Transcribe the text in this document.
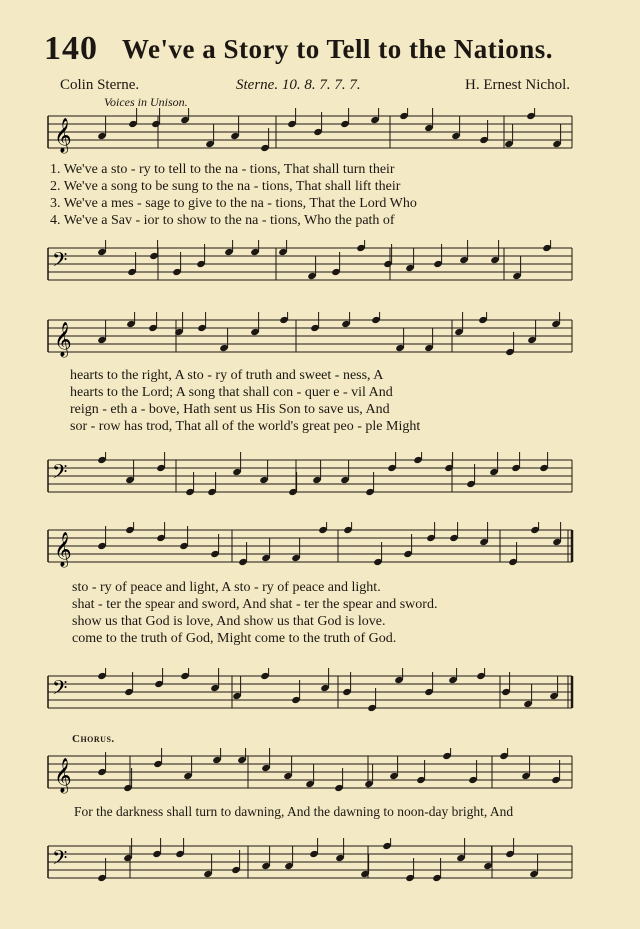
140 We've a Story to Tell to the Nations.
Colin Sterne.	Sterne. 10. 8. 7. 7. 7.	H. Ernest Nichol.
Voices in Unison.
𝄞
1. We've a sto - ry to tell to the na - tions, That shall turn their
2. We've a song to be sung to the na - tions, That shall lift their
3. We've a mes - sage to give to the na - tions, That the Lord Who
4. We've a Sav - ior to show to the na - tions, Who the path of
𝄢
𝄞
hearts to the right, A sto - ry of truth and sweet - ness, A
hearts to the Lord; A song that shall con - quer e - vil And
reign - eth a - bove, Hath sent us His Son to save us, And
sor - row has trod, That all of the world's great peo - ple Might
𝄢
𝄞
sto - ry of peace and light, A sto - ry of peace and light.
shat - ter the spear and sword, And shat - ter the spear and sword.
show us that God is love, And show us that God is love.
come to the truth of God, Might come to the truth of God.
𝄢
Chorus.
𝄞
For the darkness shall turn to dawning, And the dawning to noon-day bright, And
𝄢
